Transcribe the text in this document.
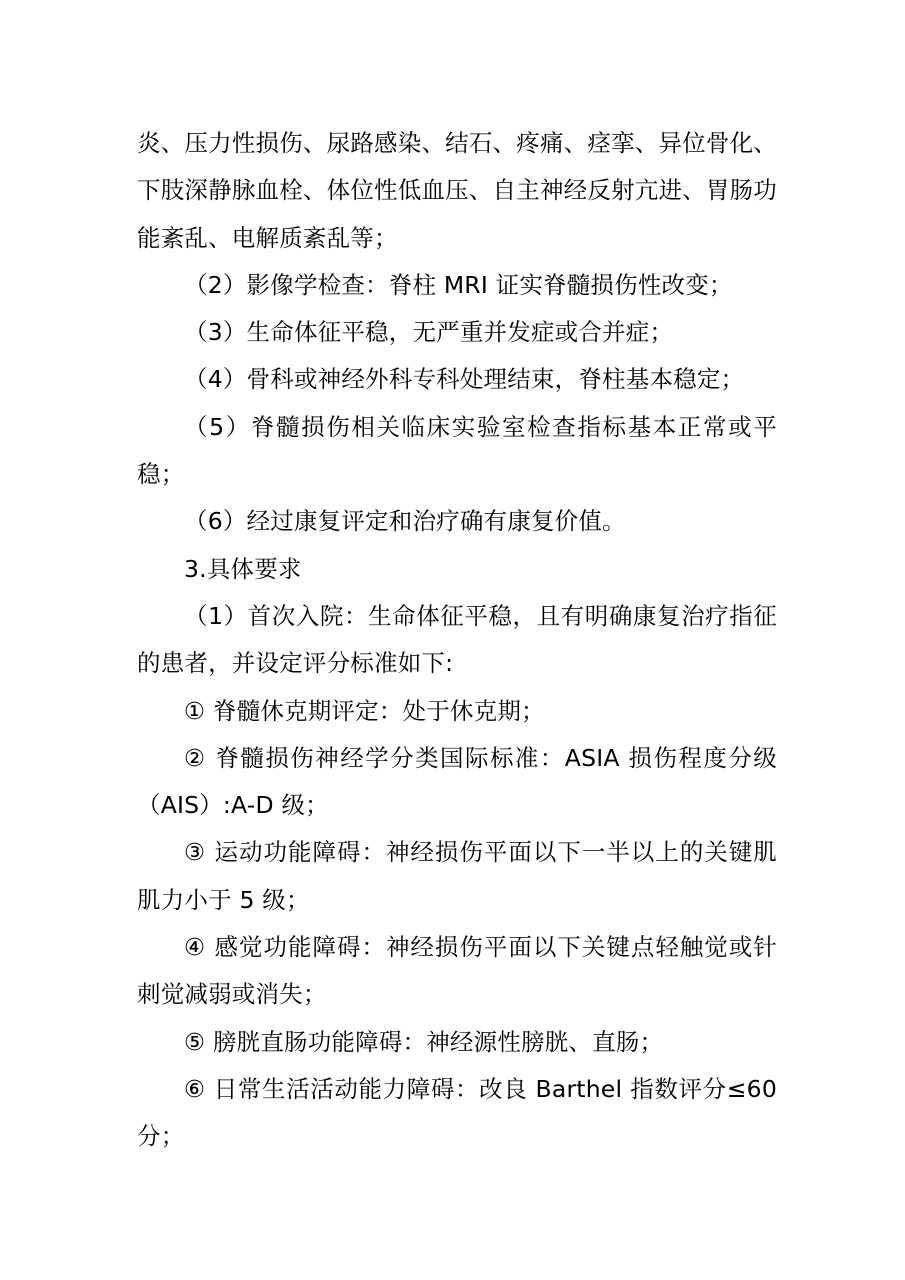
炎、压力性损伤、尿路感染、结石、疼痛、痉挛、异位骨化、下肢深静脉血栓、体位性低血压、自主神经反射亢进、胃肠功能紊乱、电解质紊乱等；

（2）影像学检查：脊柱 MRI 证实脊髓损伤性改变；

（3）生命体征平稳，无严重并发症或合并症；

（4）骨科或神经外科专科处理结束，脊柱基本稳定；

（5）脊髓损伤相关临床实验室检查指标基本正常或平稳；

（6）经过康复评定和治疗确有康复价值。

3.具体要求

（1）首次入院：生命体征平稳，且有明确康复治疗指征的患者，并设定评分标准如下:

① 脊髓休克期评定：处于休克期；

② 脊髓损伤神经学分类国际标准：ASIA 损伤程度分级（AIS）:A-D 级；

③ 运动功能障碍：神经损伤平面以下一半以上的关键肌肌力小于 5 级；

④ 感觉功能障碍：神经损伤平面以下关键点轻触觉或针刺觉减弱或消失；

⑤ 膀胱直肠功能障碍：神经源性膀胱、直肠；

⑥ 日常生活活动能力障碍：改良 Barthel 指数评分≤60 分；
